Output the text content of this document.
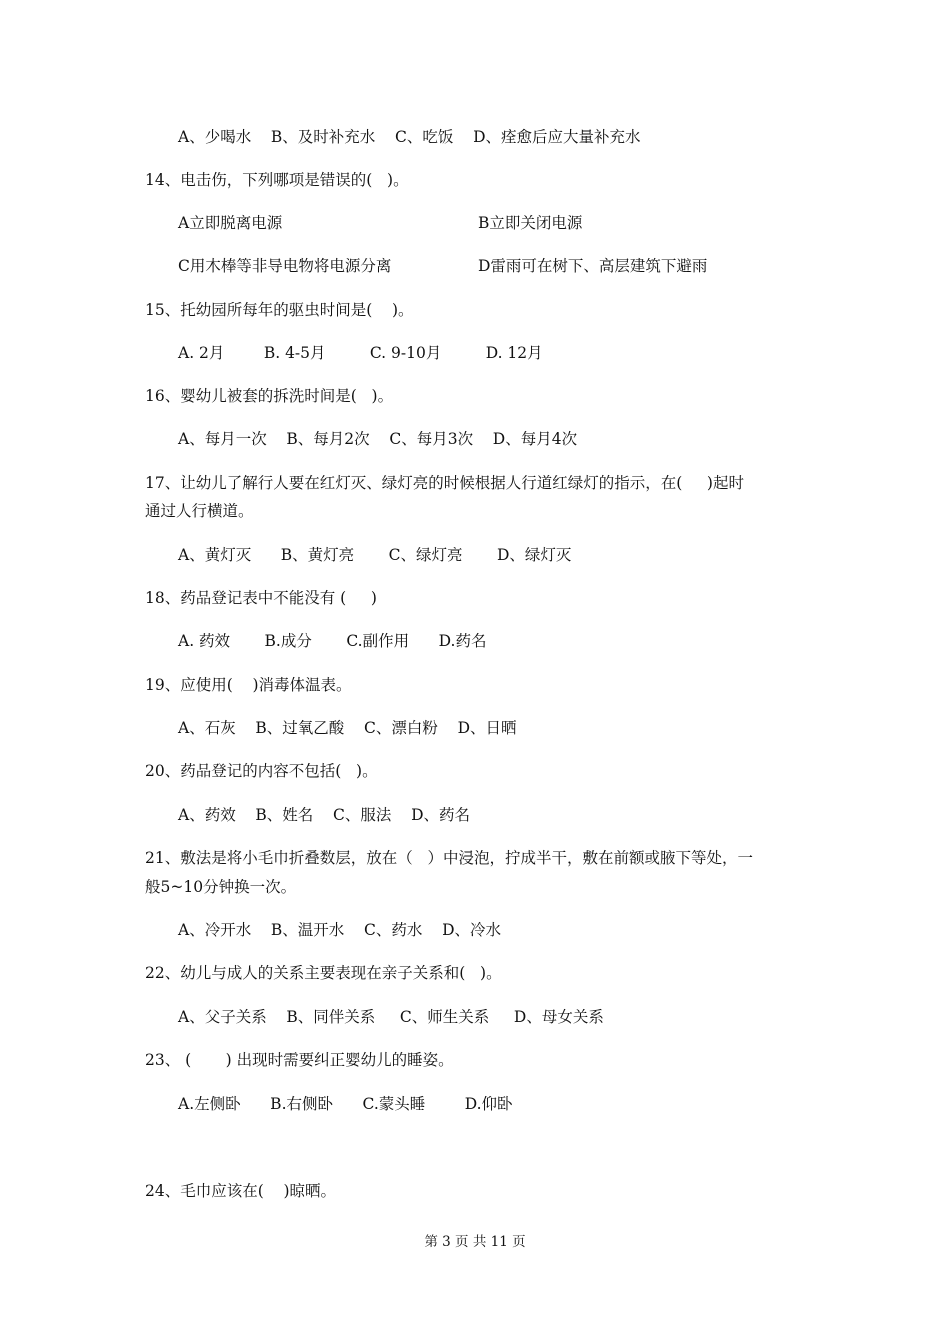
A、少喝水    B、及时补充水    C、吃饭    D、痊愈后应大量补充水
14、电击伤，下列哪项是错误的(   )。
A立即脱离电源	B立即关闭电源
C用木棒等非导电物将电源分离	D雷雨可在树下、高层建筑下避雨
15、托幼园所每年的驱虫时间是(    )。
A. 2月        B. 4-5月         C. 9-10月         D. 12月
16、婴幼儿被套的拆洗时间是(   )。
A、每月一次    B、每月2次    C、每月3次    D、每月4次
17、让幼儿了解行人要在红灯灭、绿灯亮的时候根据人行道红绿灯的指示，在(     )起时
通过人行横道。
A、黄灯灭      B、黄灯亮       C、绿灯亮       D、绿灯灭
18、药品登记表中不能没有 (     )
A. 药效       B.成分       C.副作用      D.药名
19、应使用(    )消毒体温表。
A、石灰    B、过氧乙酸    C、漂白粉    D、日晒
20、药品登记的内容不包括(   )。
A、药效    B、姓名    C、服法    D、药名
21、敷法是将小毛巾折叠数层，放在（   ）中浸泡，拧成半干，敷在前额或腋下等处，一
般5~10分钟换一次。
A、冷开水    B、温开水    C、药水    D、冷水
22、幼儿与成人的关系主要表现在亲子关系和(   )。
A、父子关系    B、同伴关系     C、师生关系     D、母女关系
23、 (       ) 出现时需要纠正婴幼儿的睡姿。
A.左侧卧      B.右侧卧      C.蒙头睡        D.仰卧
24、毛巾应该在(    )晾晒。
第 3 页 共 11 页
